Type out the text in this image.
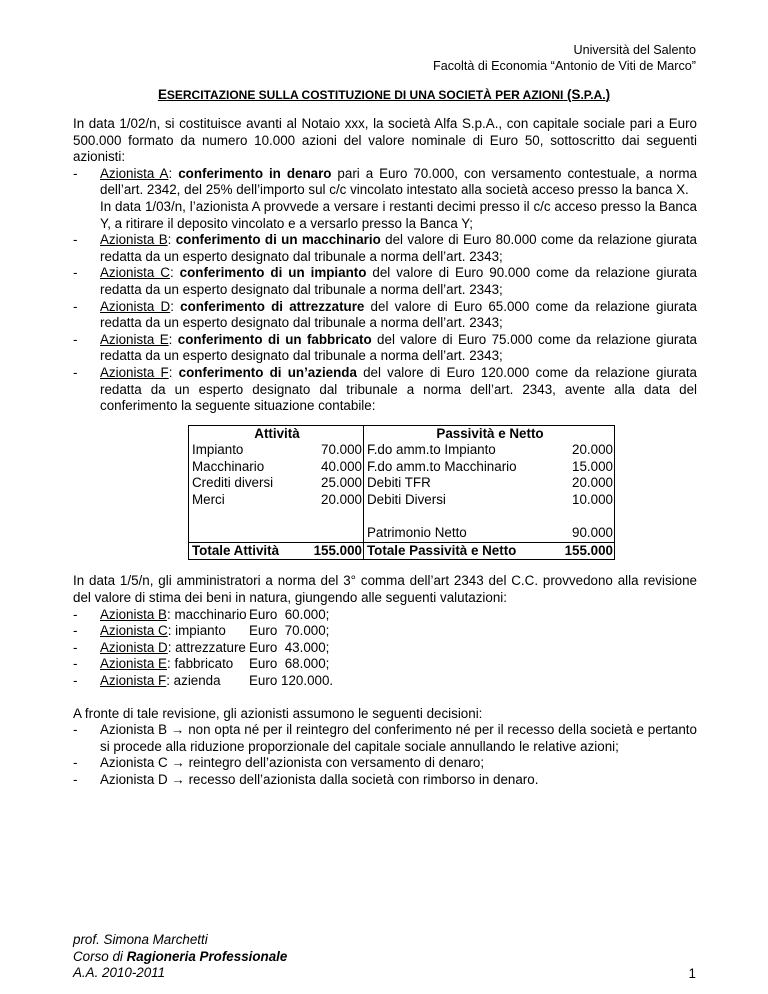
Università del Salento
Facoltà di Economia “Antonio de Viti de Marco”
ESERCITAZIONE SULLA COSTITUZIONE DI UNA SOCIETÀ PER AZIONI (S.P.A.)

In data 1/02/n, si costituisce avanti al Notaio xxx, la società Alfa S.p.A., con capitale sociale pari a Euro 500.000 formato da numero 10.000 azioni del valore nominale di Euro 50, sottoscritto dai seguenti azionisti:

- Azionista A: conferimento in denaro pari a Euro 70.000, con versamento contestuale, a norma dell’art. 2342, del 25% dell’importo sul c/c vincolato intestato alla società acceso presso la banca X.
In data 1/03/n, l’azionista A provvede a versare i restanti decimi presso il c/c acceso presso la Banca Y, a ritirare il deposito vincolato e a versarlo presso la Banca Y;
- Azionista B: conferimento di un macchinario del valore di Euro 80.000 come da relazione giurata redatta da un esperto designato dal tribunale a norma dell’art. 2343;
- Azionista C: conferimento di un impianto del valore di Euro 90.000 come da relazione giurata redatta da un esperto designato dal tribunale a norma dell’art. 2343;
- Azionista D: conferimento di attrezzature del valore di Euro 65.000 come da relazione giurata redatta da un esperto designato dal tribunale a norma dell’art. 2343;
- Azionista E: conferimento di un fabbricato del valore di Euro 75.000 come da relazione giurata redatta da un esperto designato dal tribunale a norma dell’art. 2343;
- Azionista F: conferimento di un’azienda del valore di Euro 120.000 come da relazione giurata redatta da un esperto designato dal tribunale a norma dell’art. 2343, avente alla data del conferimento la seguente situazione contabile:
Attività		Passività e Netto	
Impianto	70.000	F.do amm.to Impianto	20.000
Macchinario	40.000	F.do amm.to Macchinario	15.000
Crediti diversi	25.000	Debiti TFR	20.000
Merci	20.000	Debiti Diversi	10.000

		Patrimonio Netto	90.000
Totale Attività	155.000	Totale Passività e Netto	155.000

In data 1/5/n, gli amministratori a norma del 3° comma dell’art 2343 del C.C. provvedono alla revisione del valore di stima dei beni in natura, giungendo alle seguenti valutazioni:

- Azionista B: macchinario Euro  60.000;
- Azionista C: impianto	Euro  70.000;
- Azionista D: attrezzature Euro  43.000;
- Azionista E: fabbricato	Euro  68.000;
- Azionista F: azienda	Euro 120.000.

A fronte di tale revisione, gli azionisti assumono le seguenti decisioni:

- Azionista B → non opta né per il reintegro del conferimento né per il recesso della società e pertanto si procede alla riduzione proporzionale del capitale sociale annullando le relative azioni;
- Azionista C → reintegro dell’azionista con versamento di denaro;
- Azionista D → recesso dell’azionista dalla società con rimborso in denaro.
prof. Simona Marchetti
Corso di Ragioneria Professionale
A.A. 2010-2011	1
